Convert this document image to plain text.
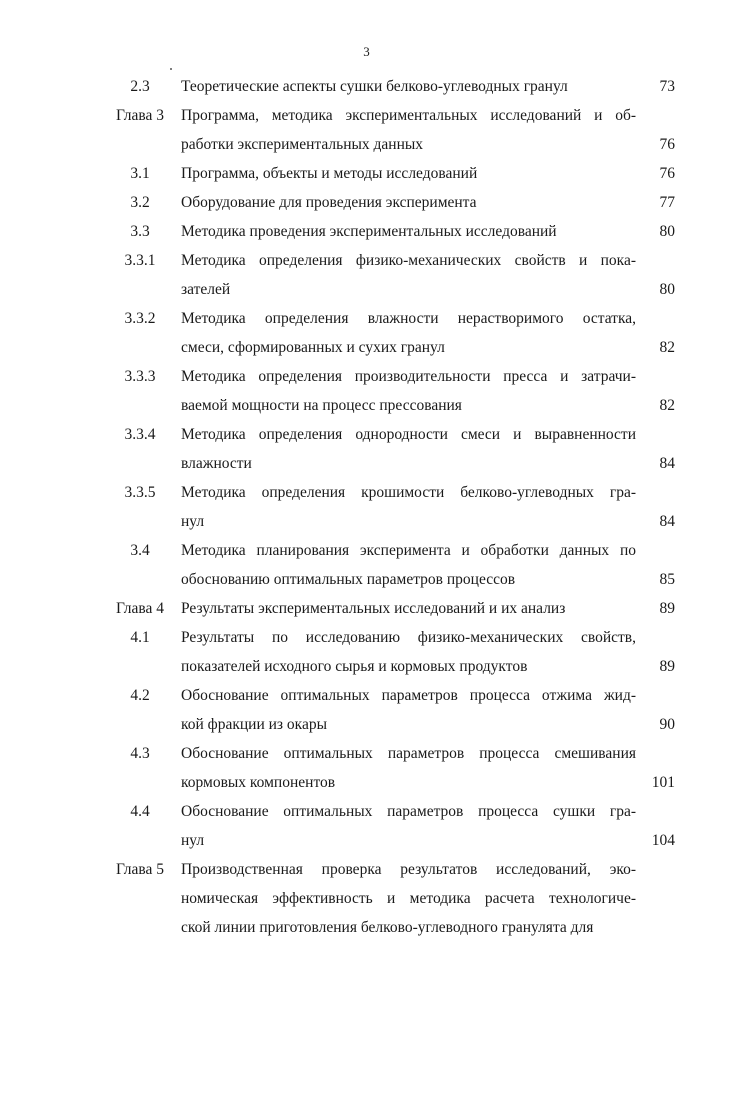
3
2.3	Теоретические аспекты сушки белково-углеводных гранул	73
Глава 3	Программа, методика экспериментальных исследований и об-
работки экспериментальных данных	76
3.1	Программа, объекты и методы исследований	76
3.2	Оборудование для проведения эксперимента	77
3.3	Методика проведения экспериментальных исследований	80
3.3.1	Методика определения физико-механических свойств и пока-
зателей	80
3.3.2	Методика определения влажности нерастворимого остатка,
смеси, сформированных и сухих гранул	82
3.3.3	Методика определения производительности пресса и затрачи-
ваемой мощности на процесс прессования	82
3.3.4	Методика определения однородности смеси и выравненности
влажности	84
3.3.5	Методика определения крошимости белково-углеводных гра-
нул	84
3.4	Методика планирования эксперимента и обработки данных по
обоснованию оптимальных параметров процессов	85
Глава 4	Результаты экспериментальных исследований и их анализ	89
4.1	Результаты по исследованию физико-механических свойств,
показателей исходного сырья и кормовых продуктов	89
4.2	Обоснование оптимальных параметров процесса отжима жид-
кой фракции из окары	90
4.3	Обоснование оптимальных параметров процесса смешивания
кормовых компонентов	101
4.4	Обоснование оптимальных параметров процесса сушки гра-
нул	104
Глава 5	Производственная проверка результатов исследований, эко-
номическая эффективность и методика расчета технологиче-
ской линии приготовления белково-углеводного гранулята для
